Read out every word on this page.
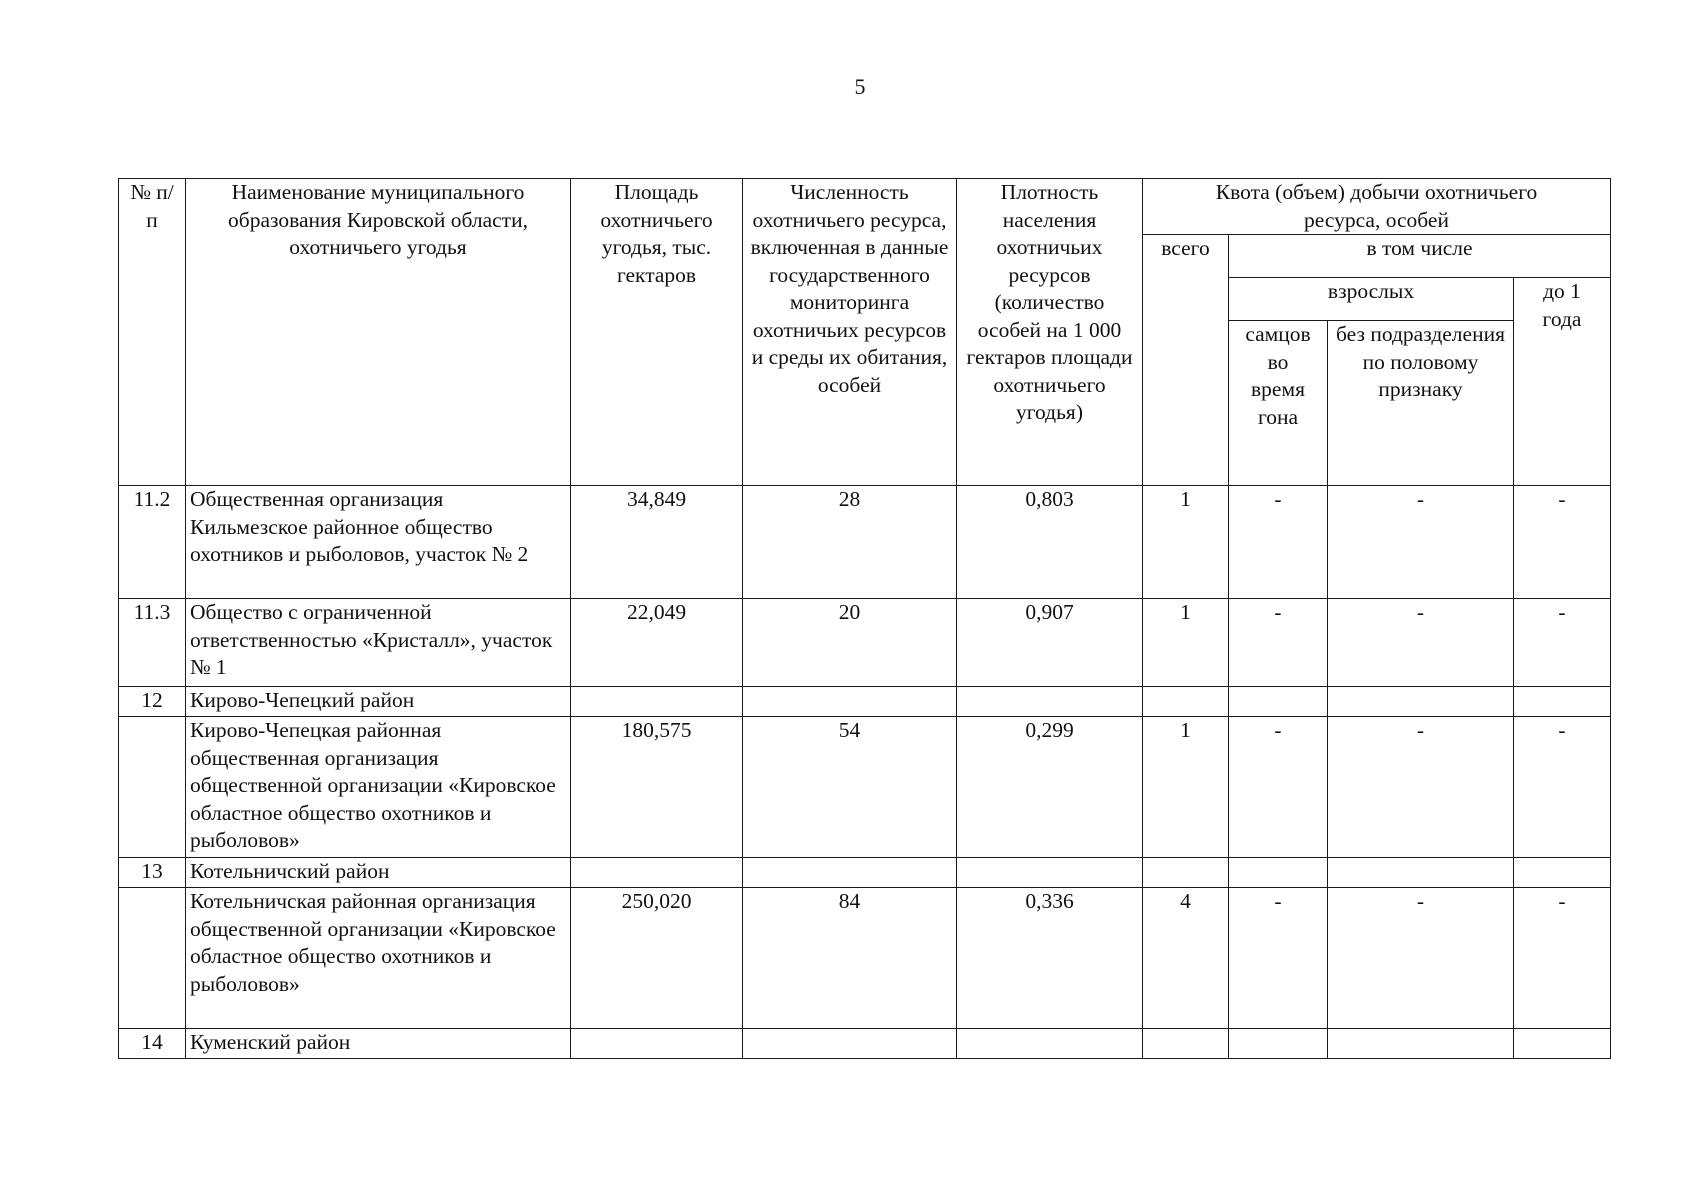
5
№ п/п	Наименование муниципального образования Кировской области, охотничьего угодья	Площадь охотничьего угодья, тыс. гектаров	Численность охотничьего ресурса, включенная в данные государственного мониторинга охотничьих ресурсов и среды их обитания, особей	Плотность населения охотничьих ресурсов (количество особей на 1 000 гектаров площади охотничьего угодья)	Квота (объем) добычи охотничьего ресурса, особей			
					всего	в том числе		
						взрослых		до 1 года
						самцов во время гона	без подразделения по половому признаку	
11.2	Общественная организация Кильмезское районное общество охотников и рыболовов, участок № 2	34,849	28	0,803	1	-	-	-
11.3	Общество с ограниченной ответственностью «Кристалл», участок № 1	22,049	20	0,907	1	-	-	-
12	Кирово-Чепецкий район							
	Кирово-Чепецкая районная общественная организация общественной организации «Кировское областное общество охотников и рыболовов»	180,575	54	0,299	1	-	-	-
13	Котельничский район							
	Котельничская районная организация общественной организации «Кировское областное общество охотников и рыболовов»	250,020	84	0,336	4	-	-	-
14	Куменский район							
